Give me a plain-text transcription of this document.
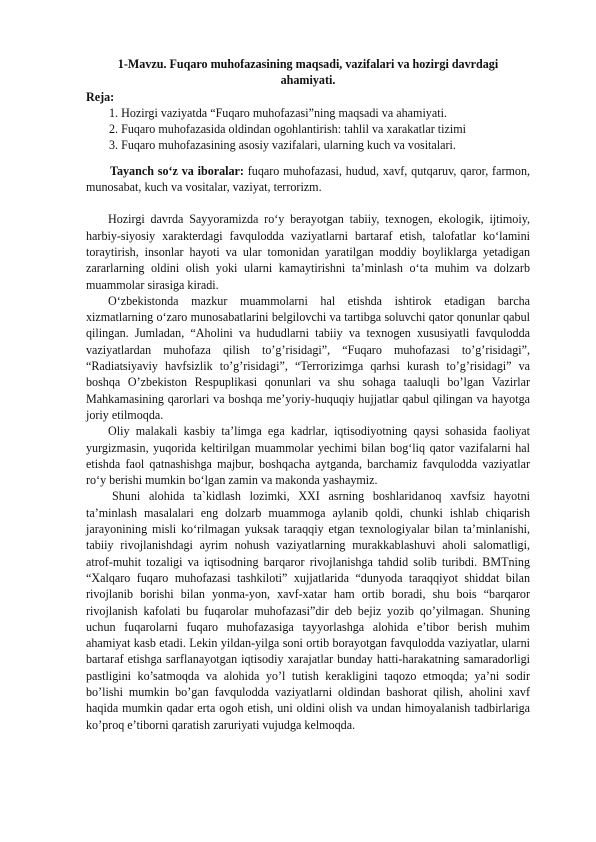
1-Mavzu. Fuqaro muhofazasining maqsadi, vazifalari va hozirgi davrdagi ahamiyati.

Reja:

1. Hozirgi vaziyatda “Fuqaro muhofazasi”ning maqsadi va ahamiyati.
2. Fuqaro muhofazasida oldindan ogohlantirish: tahlil va xarakatlar tizimi
3. Fuqaro muhofazasining asosiy vazifalari, ularning kuch va vositalari.

Tayanch so‘z va iboralar: fuqaro muhofazasi, hudud, xavf, qutqaruv, qaror, farmon, munosabat, kuch va vositalar, vaziyat, terrorizm.

Hozirgi davrda Sayyoramizda ro‘y berayotgan tabiiy, texnogen, ekologik, ijtimoiy, harbiy-siyosiy xarakterdagi favqulodda vaziyatlarni bartaraf etish, talofatlar ko‘lamini toraytirish, insonlar hayoti va ular tomonidan yaratilgan moddiy boyliklarga yetadigan zararlarning oldini olish yoki ularni kamaytirishni ta’minlash o‘ta muhim va dolzarb muammolar sirasiga kiradi.

O‘zbekistonda mazkur muammolarni hal etishda ishtirok etadigan barcha xizmatlarning o‘zaro munosabatlarini belgilovchi va tartibga soluvchi qator qonunlar qabul qilingan. Jumladan, “Aholini va hududlarni tabiiy va texnogen xususiyatli favqulodda vaziyatlardan muhofaza qilish to’g’risidagi”, “Fuqaro muhofazasi to’g’risidagi”, “Radiatsiyaviy havfsizlik to’g’risidagi”, “Terrorizimga qarhsi kurash to’g’risidagi” va boshqa O’zbekiston Respuplikasi qonunlari va shu sohaga taaluqli bo’lgan Vazirlar Mahkamasining qarorlari va boshqa me’yoriy-huquqiy hujjatlar qabul qilingan va hayotga joriy etilmoqda.

Oliy malakali kasbiy ta’limga ega kadrlar, iqtisodiyotning qaysi sohasida faoliyat yurgizmasin, yuqorida keltirilgan muammolar yechimi bilan bog‘liq qator vazifalarni hal etishda faol qatnashishga majbur, boshqacha aytganda, barchamiz favqulodda vaziyatlar ro‘y berishi mumkin bo‘lgan zamin va makonda yashaymiz.

Shuni alohida ta`kidlash lozimki, XXI asrning boshlaridanoq xavfsiz hayotni ta’minlash masalalari eng dolzarb muammoga aylanib qoldi, chunki ishlab chiqarish jarayonining misli ko‘rilmagan yuksak taraqqiy etgan texnologiyalar bilan ta’minlanishi, tabiiy rivojlanishdagi ayrim nohush vaziyatlarning murakkablashuvi aholi salomatligi, atrof-muhit tozaligi va iqtisodning barqaror rivojlanishga tahdid solib turibdi. BMTning “Xalqaro fuqaro muhofazasi tashkiloti” xujjatlarida “dunyoda taraqqiyot shiddat bilan rivojlanib borishi bilan yonma-yon, xavf-xatar ham ortib boradi, shu bois “barqaror rivojlanish kafolati bu fuqarolar muhofazasi”dir deb bejiz yozib qo’yilmagan. Shuning uchun fuqarolarni fuqaro muhofazasiga tayyorlashga alohida e’tibor berish muhim ahamiyat kasb etadi. Lekin yildan-yilga soni ortib borayotgan favqulodda vaziyatlar, ularni bartaraf etishga sarflanayotgan iqtisodiy xarajatlar bunday hatti-harakatning samaradorligi pastligini ko’satmoqda va alohida yo’l tutish kerakligini taqozo etmoqda; ya’ni sodir bo’lishi mumkin bo’gan favqulodda vaziyatlarni oldindan bashorat qilish, aholini xavf haqida mumkin qadar erta ogoh etish, uni oldini olish va undan himoyalanish tadbirlariga ko’proq e’tiborni qaratish zaruriyati vujudga kelmoqda.
